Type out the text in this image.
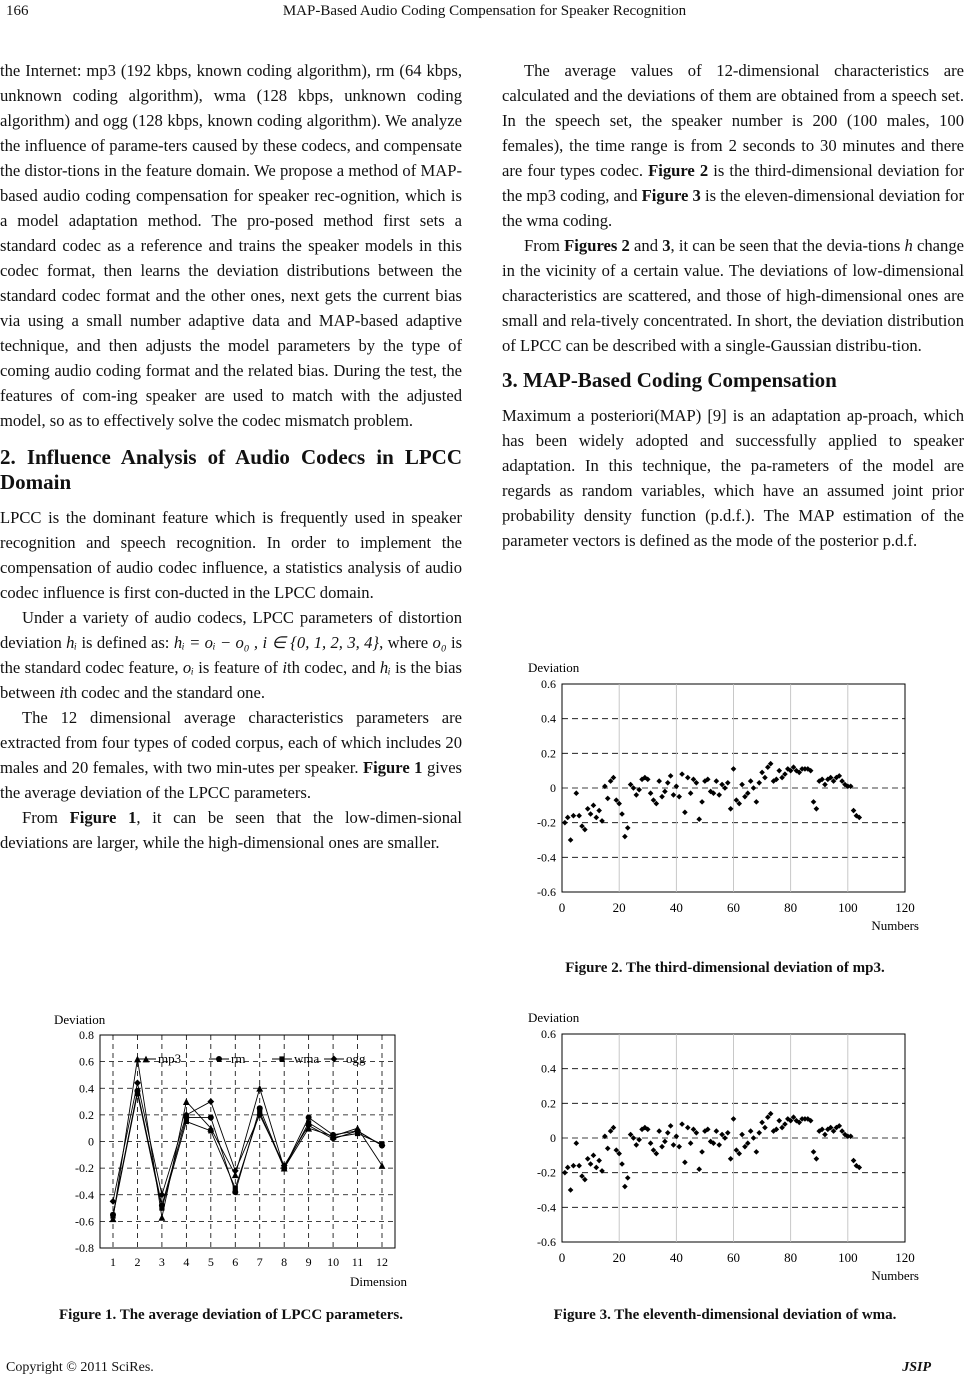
166	MAP-Based Audio Coding Compensation for Speaker Recognition

the Internet: mp3 (192 kbps, known coding algorithm), rm (64 kbps, unknown coding algorithm), wma (128 kbps, unknown coding algorithm) and ogg (128 kbps, known coding algorithm). We analyze the influence of parame-ters caused by these codecs, and compensate the distor-tions in the feature domain. We propose a method of MAP-based audio coding compensation for speaker rec-ognition, which is a model adaptation method. The pro-posed method first sets a standard codec as a reference and trains the speaker models in this codec format, then learns the deviation distributions between the standard codec format and the other ones, next gets the current bias via using a small number adaptive data and MAP-based adaptive technique, and then adjusts the model parameters by the type of coming audio coding format and the related bias. During the test, the features of com-ing speaker are used to match with the adjusted model, so as to effectively solve the codec mismatch problem.

2. Influence Analysis of Audio Codecs in LPCC Domain

LPCC is the dominant feature which is frequently used in speaker recognition and speech recognition. In order to implement the compensation of audio codec influence, a statistics analysis of audio codec influence is first con-ducted in the LPCC domain.

Under a variety of audio codecs, LPCC parameters of distortion deviation hᵢ is defined as: hᵢ = oᵢ − o₀ , i ∈ {0, 1, 2, 3, 4}, where o₀ is the standard codec feature, oᵢ is feature of ith codec, and hᵢ is the bias between ith codec and the standard one.

The 12 dimensional average characteristics parameters are extracted from four types of coded corpus, each of which includes 20 males and 20 females, with two min-utes per speaker. Figure 1 gives the average deviation of the LPCC parameters.

From Figure 1, it can be seen that the low-dimen-sional deviations are larger, while the high-dimensional ones are smaller.

The average values of 12-dimensional characteristics are calculated and the deviations of them are obtained from a speech set. In the speech set, the speaker number is 200 (100 males, 100 females), the time range is from 2 seconds to 30 minutes and there are four types codec. Figure 2 is the third-dimensional deviation for the mp3 coding, and Figure 3 is the eleven-dimensional deviation for the wma coding.

From Figures 2 and 3, it can be seen that the devia-tions h change in the vicinity of a certain value. The deviations of low-dimensional characteristics are scattered, and those of high-dimensional ones are small and rela-tively concentrated. In short, the deviation distribution of LPCC can be described with a single-Gaussian distribu-tion.

3. MAP-Based Coding Compensation

Maximum a posteriori(MAP) [9] is an adaptation ap-proach, which has been widely adopted and successfully applied to speaker adaptation. In this technique, the pa-rameters of the model are regards as random variables, which have an assumed joint prior probability density function (p.d.f.). The MAP estimation of the parameter vectors is defined as the mode of the posterior p.d.f.

Deviation
0.8
0.6
0.4
0.2
0
-0.2
-0.4
-0.6
-0.8
1 2 3 4 5 6 7 8 9 10 11 12
Dimension
mp3	rm	wma ogg
Figure 1. The average deviation of LPCC parameters.
Deviation
0.6
0.4
0.2
0
-0.2
-0.4
-0.6
0	20	40	60	80	100	120
Numbers
Figure 2. The third-dimensional deviation of mp3.
Deviation
0.6
0.4
0.2
0
-0.2
-0.4
-0.6
0	20	40	60	80	100	120
Numbers
Figure 3. The eleventh-dimensional deviation of wma.
Copyright © 2011 SciRes.	JSIP
